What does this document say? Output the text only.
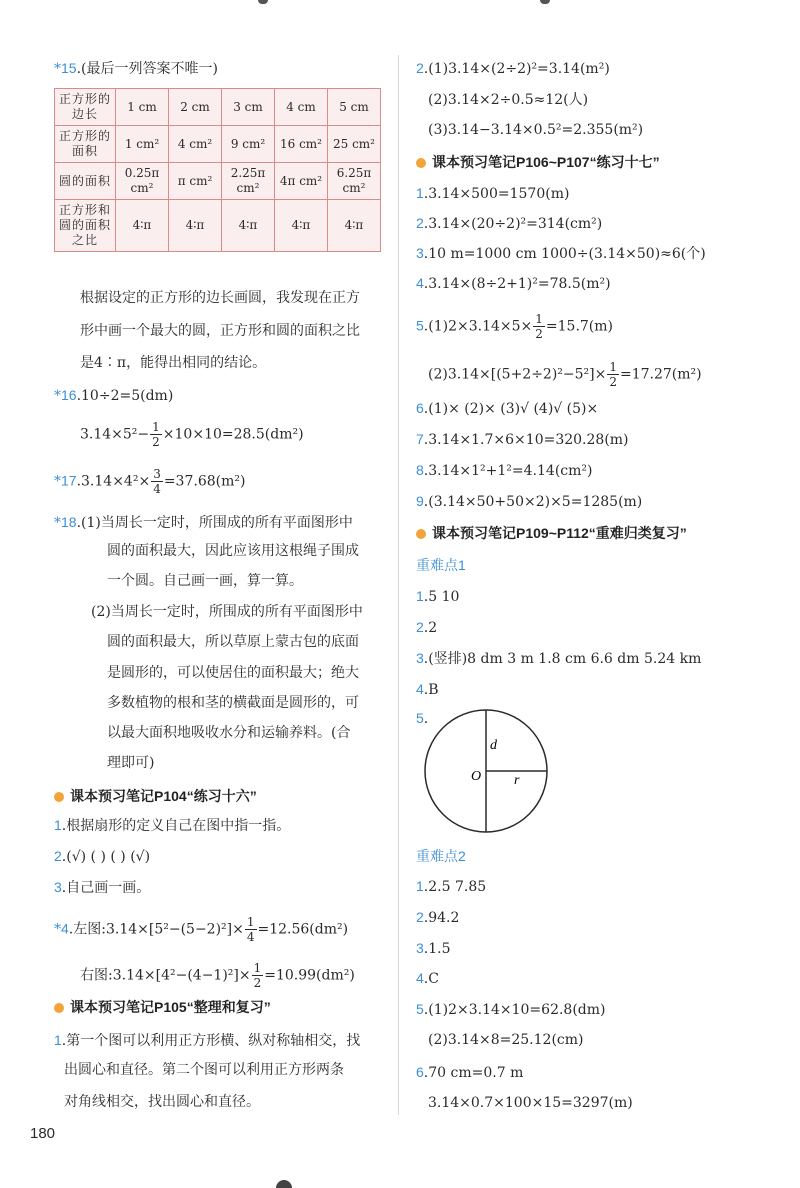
*15.(最后一列答案不唯一)
正方形的边长	1 cm	2 cm	3 cm	4 cm	5 cm
正方形的面积	1 cm²	4 cm²	9 cm²	16 cm²	25 cm²
圆的面积	0.25π cm²	π cm²	2.25π cm²	4π cm²	6.25π cm²
正方形和圆的面积之比	4∶π	4∶π	4∶π	4∶π	4∶π
根据设定的正方形的边长画圆，我发现在正方
形中画一个最大的圆，正方形和圆的面积之比
是4∶π，能得出相同的结论。
*16.10÷2=5(dm)
$3.14\times 5^2- \frac{1}{2} \times 10\times 10=28.5(dm^2)$
$*17.3.14\times 4^2\times \frac{3}{4} =37.68(m^2)$
*18.(1)当周长一定时，所围成的所有平面图形中
圆的面积最大，因此应该用这根绳子围成
一个圆。自己画一画，算一算。
(2)当周长一定时，所围成的所有平面图形中
圆的面积最大，所以草原上蒙古包的底面
是圆形的，可以使居住的面积最大；绝大
多数植物的根和茎的横截面是圆形的，可
以最大面积地吸收水分和运输养料。(合
理即可)
课本预习笔记P104“练习十六”
1.根据扇形的定义自己在图中指一指。
2.(√) ( ) ( ) (√)
3.自己画一画。
*4.左图:3.14×[5²−(5−2)²]× $\frac{1}{4} =12.56(dm^2)$
右图:3.14×[4²−(4−1)²]× $\frac{1}{2} =10.99(dm^2)$
课本预习笔记P105“整理和复习”
1.第一个图可以利用正方形横、纵对称轴相交，找
出圆心和直径。第二个图可以利用正方形两条
对角线相交，找出圆心和直径。
180
2.(1)3.14×(2÷2)²=3.14(m²)
(2)3.14×2÷0.5≈12(人)
(3)3.14−3.14×0.5²=2.355(m²)
课本预习笔记P106~P107“练习十七”
1.3.14×500=1570(m)
2.3.14×(20÷2)²=314(cm²)
3.10 m=1000 cm 1000÷(3.14×50)≈6(个)
4.3.14×(8÷2+1)²=78.5(m²)
$5.(1)2\times 3.14\times 5\times \frac{1}{2} =15.7(m)$
$(2)3.14\times[(5+2\div 2)^2-5^2]\times \frac{1}{2} =17.27(m^2)$
6.(1)× (2)× (3)√ (4)√ (5)×
7.3.14×1.7×6×10=320.28(m)
8.3.14×1²+1²=4.14(cm²)
9.(3.14×50+50×2)×5=1285(m)
课本预习笔记P109~P112“重难归类复习”
重难点1
1.5 10
2.2
3.(竖排)8 dm 3 m 1.8 cm 6.6 dm 5.24 km
4.B
5.
d
O r
重难点2
1.2.5 7.85
2.94.2
3.1.5
4.C
5.(1)2×3.14×10=62.8(dm)
(2)3.14×8=25.12(cm)
6.70 cm=0.7 m
3.14×0.7×100×15=3297(m)
